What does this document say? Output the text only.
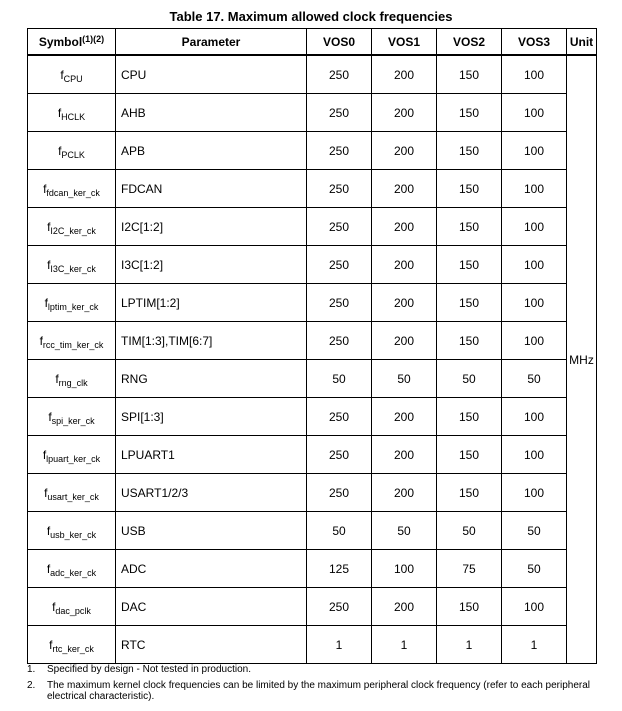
Table 17. Maximum allowed clock frequencies
Symbol$^{(1)(2)}$	Parameter	VOS0	VOS1	VOS2	VOS3	Unit
$f_{CPU}$	CPU	250	200	150	100	MHz
$f_{HCLK}$	AHB	250	200	150	100	
$f_{PCLK}$	APB	250	200	150	100	
$f_{fdcan\_ker\_ck}$	FDCAN	250	200	150	100	
$f_{I2C\_ker\_ck}$	I2C[1:2]	250	200	150	100	
$f_{I3C\_ker\_ck}$	I3C[1:2]	250	200	150	100	
$f_{lptim\_ker\_ck}$	LPTIM[1:2]	250	200	150	100	
$f_{rcc\_tim\_ker\_ck}$	TIM[1:3],TIM[6:7]	250	200	150	100	
$f_{rng\_clk}$	RNG	50	50	50	50	
$f_{spi\_ker\_ck}$	SPI[1:3]	250	200	150	100	
$f_{lpuart\_ker\_ck}$	LPUART1	250	200	150	100	
$f_{usart\_ker\_ck}$	USART1/2/3	250	200	150	100	
$f_{usb\_ker\_ck}$	USB	50	50	50	50	
$f_{adc\_ker\_ck}$	ADC	125	100	75	50	
$f_{dac\_pclk}$	DAC	250	200	150	100	
$f_{rtc\_ker\_ck}$	RTC	1	1	1	1	
1.	Specified by design - Not tested in production.
2.	The maximum kernel clock frequencies can be limited by the maximum peripheral clock frequency (refer to each peripheral electrical characteristic).
